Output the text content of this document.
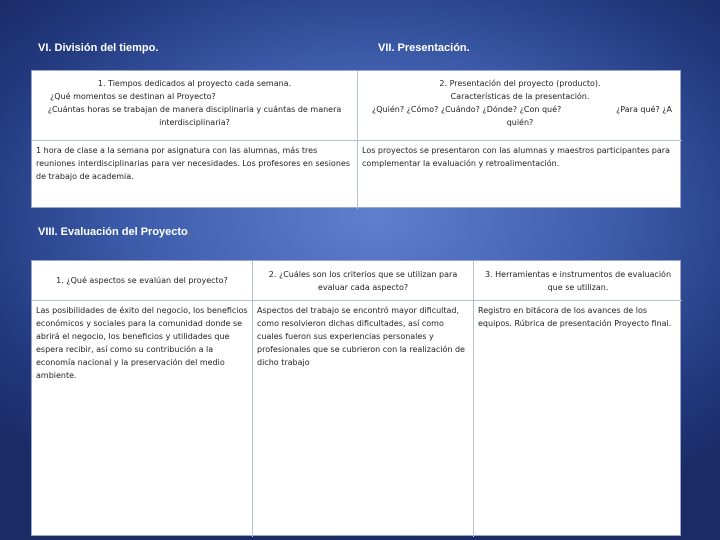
VI. División del tiempo.	VII. Presentación.
1. Tiempos dedicados al proyecto cada semana.
¿Qué momentos se destinan al Proyecto?
¿Cuántas horas se trabajan de manera disciplinaria y cuántas de manera
interdisciplinaria?
2. Presentación del proyecto (producto).
Características de la presentación.
¿Quién? ¿Cómo? ¿Cuándo? ¿Dónde? ¿Con qué?	¿Para qué? ¿A
quién?
1 hora de clase a la semana por asignatura con las alumnas, más tres reuniones interdisciplinarias para ver necesidades. Los profesores en sesiones de trabajo de academia.
Los proyectos se presentaron con las alumnas y maestros participantes para complementar la evaluación y retroalimentación.
VIII. Evaluación del Proyecto.
1. ¿Qué aspectos se evalúan del proyecto?
2. ¿Cuáles son los criterios que se utilizan para evaluar cada aspecto?
3. Herramientas e instrumentos de evaluación que se utilizan.
Las posibilidades de éxito del negocio, los beneficios económicos y sociales para la comunidad donde se abrirá el negocio, los beneficios y utilidades que espera recibir, así como su contribución a la economía nacional y la preservación del medio ambiente.
Aspectos del trabajo se encontró mayor dificultad, como resolvieron dichas dificultades, así como cuales fueron sus experiencias personales y profesionales que se cubrieron con la realización de dicho trabajo
Registro en bitácora de los avances de los equipos. Rúbrica de presentación Proyecto final.
